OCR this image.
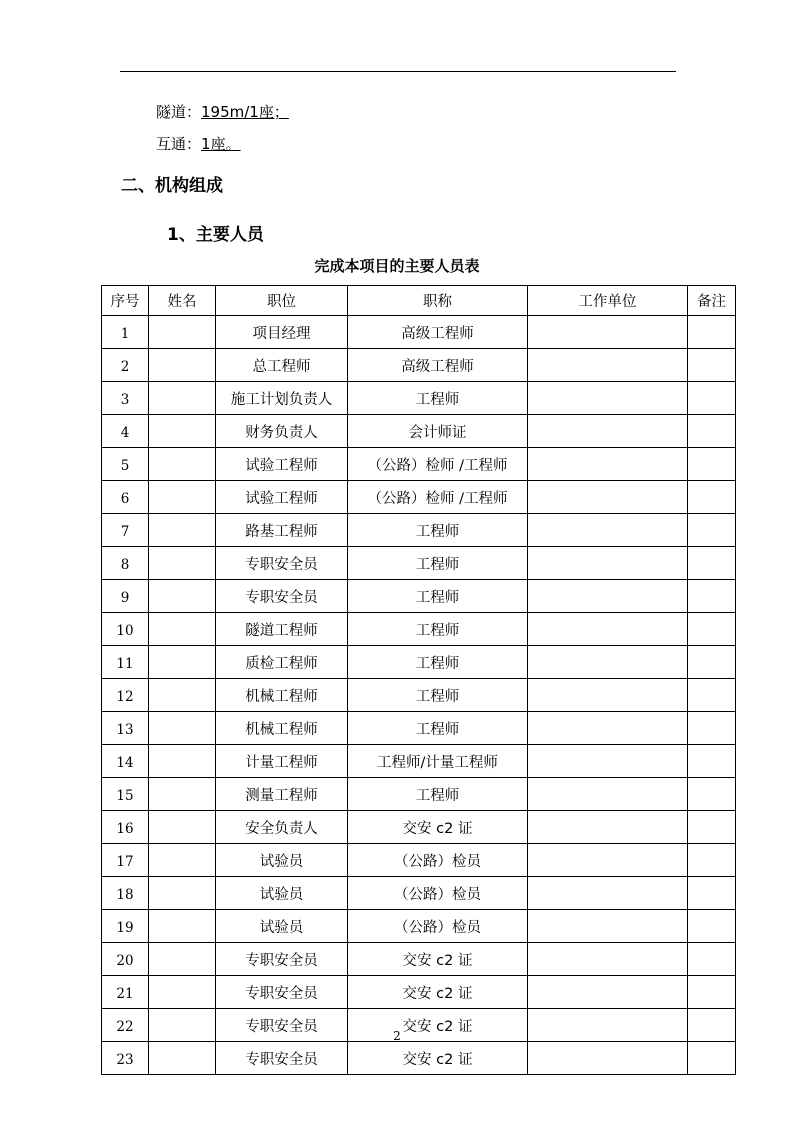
隧道：195m/1座；
互通：1座。
二、机构组成
1、主要人员
完成本项目的主要人员表
序号	姓名	职位	职称	工作单位	备注
1		项目经理	高级工程师		
2		总工程师	高级工程师		
3		施工计划负责人	工程师		
4		财务负责人	会计师证		
5		试验工程师	（公路）检师 /工程师		
6		试验工程师	（公路）检师 /工程师		
7		路基工程师	工程师		
8		专职安全员	工程师		
9		专职安全员	工程师		
10		隧道工程师	工程师		
11		质检工程师	工程师		
12		机械工程师	工程师		
13		机械工程师	工程师		
14		计量工程师	工程师/计量工程师		
15		测量工程师	工程师		
16		安全负责人	交安 c2 证		
17		试验员	（公路）检员		
18		试验员	（公路）检员		
19		试验员	（公路）检员		
20		专职安全员	交安 c2 证		
21		专职安全员	交安 c2 证		
22		专职安全员	交安 c2 证		
23		专职安全员	交安 c2 证		
2
